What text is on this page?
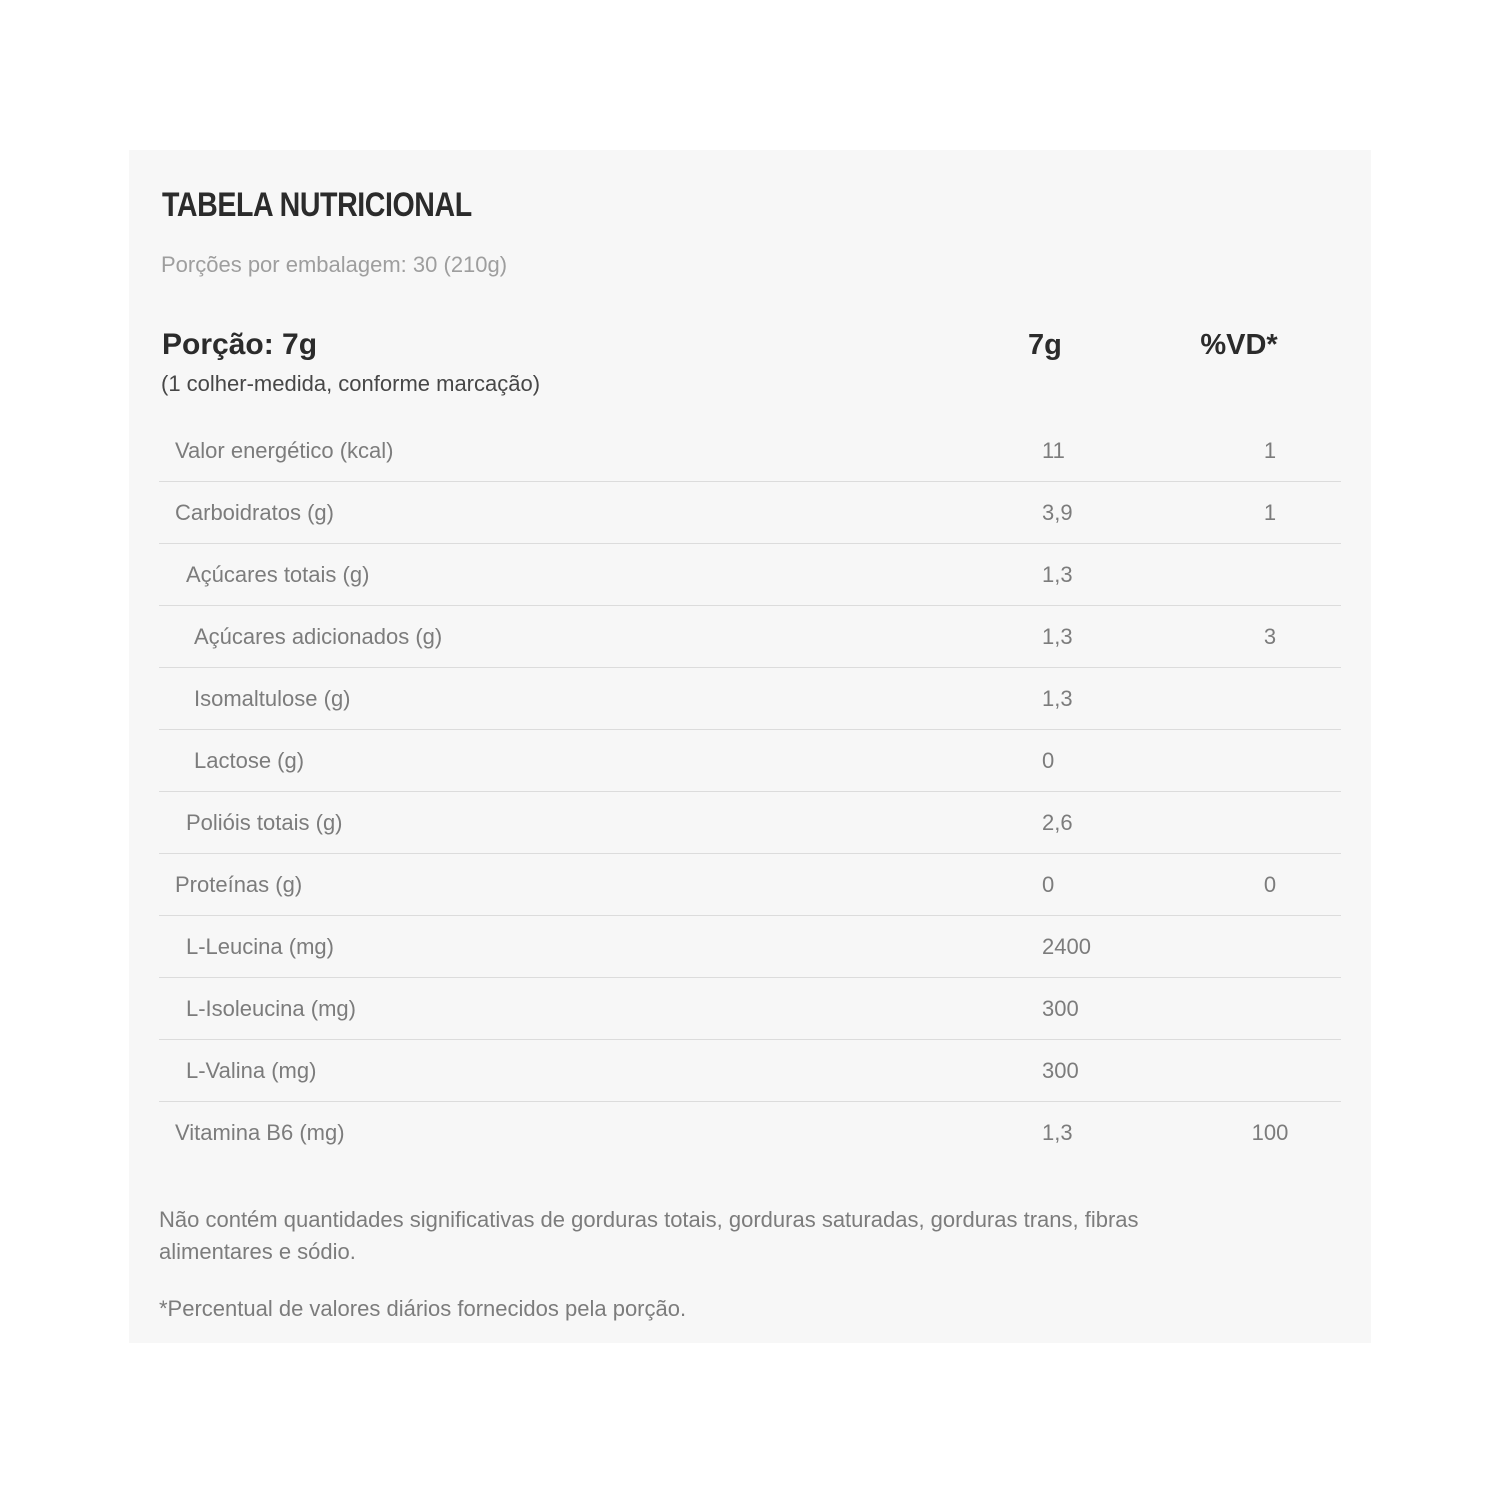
TABELA NUTRICIONAL

Porções por embalagem: 30 (210g)

Porção: 7g
(1 colher-medida, conforme marcação)
7g	%VD*
Valor energético (kcal)	11	1
Carboidratos (g)	3,9	1
Açúcares totais (g)	1,3
Açúcares adicionados (g)	1,3	3
Isomaltulose (g)	1,3
Lactose (g)	0
Polióis totais (g)	2,6
Proteínas (g)	0	0
L-Leucina (mg)	2400
L-Isoleucina (mg)	300
L-Valina (mg)	300
Vitamina B6 (mg)	1,3	100

Não contém quantidades significativas de gorduras totais, gorduras saturadas, gorduras trans, fibras alimentares e sódio.

*Percentual de valores diários fornecidos pela porção.
